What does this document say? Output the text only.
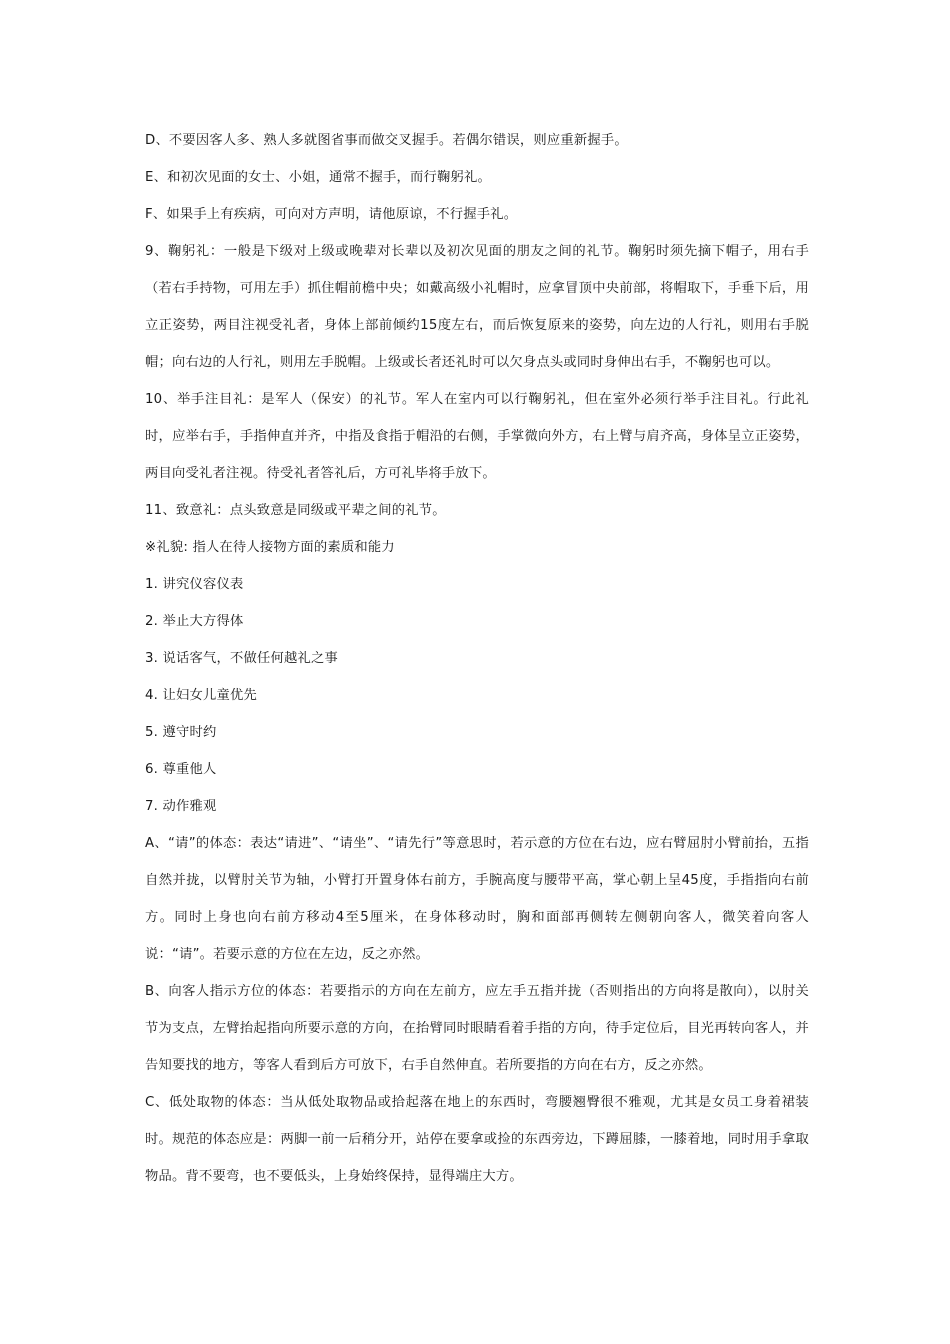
D、不要因客人多、熟人多就图省事而做交叉握手。若偶尔错误，则应重新握手。

E、和初次见面的女士、小姐，通常不握手，而行鞠躬礼。

F、如果手上有疾病，可向对方声明，请他原谅，不行握手礼。

9、鞠躬礼：一般是下级对上级或晚辈对长辈以及初次见面的朋友之间的礼节。鞠躬时须先摘下帽子，用右手（若右手持物，可用左手）抓住帽前檐中央；如戴高级小礼帽时，应拿冒顶中央前部，将帽取下，手垂下后，用立正姿势，两目注视受礼者，身体上部前倾约15度左右，而后恢复原来的姿势，向左边的人行礼，则用右手脱帽；向右边的人行礼，则用左手脱帽。上级或长者还礼时可以欠身点头或同时身伸出右手，不鞠躬也可以。

10、举手注目礼：是军人（保安）的礼节。军人在室内可以行鞠躬礼，但在室外必须行举手注目礼。行此礼时，应举右手，手指伸直并齐，中指及食指于帽沿的右侧，手掌微向外方，右上臂与肩齐高，身体呈立正姿势，两目向受礼者注视。待受礼者答礼后，方可礼毕将手放下。

11、致意礼：点头致意是同级或平辈之间的礼节。

※礼貌: 指人在待人接物方面的素质和能力

1. 讲究仪容仪表

2. 举止大方得体

3. 说话客气，不做任何越礼之事

4. 让妇女儿童优先

5. 遵守时约

6. 尊重他人

7. 动作雅观

A、“请”的体态：表达“请进”、“请坐”、“请先行”等意思时，若示意的方位在右边，应右臂屈肘小臂前抬，五指自然并拢，以臂肘关节为轴，小臂打开置身体右前方，手腕高度与腰带平高，掌心朝上呈45度，手指指向右前方。同时上身也向右前方移动4至5厘米，在身体移动时，胸和面部再侧转左侧朝向客人，微笑着向客人说：“请”。若要示意的方位在左边，反之亦然。

B、向客人指示方位的体态：若要指示的方向在左前方，应左手五指并拢（否则指出的方向将是散向），以肘关节为支点，左臂抬起指向所要示意的方向，在抬臂同时眼睛看着手指的方向，待手定位后，目光再转向客人，并告知要找的地方，等客人看到后方可放下，右手自然伸直。若所要指的方向在右方，反之亦然。

C、低处取物的体态：当从低处取物品或拾起落在地上的东西时，弯腰翘臀很不雅观，尤其是女员工身着裙装时。规范的体态应是：两脚一前一后稍分开，站停在要拿或捡的东西旁边，下蹲屈膝，一膝着地，同时用手拿取物品。背不要弯，也不要低头，上身始终保持，显得端庄大方。
